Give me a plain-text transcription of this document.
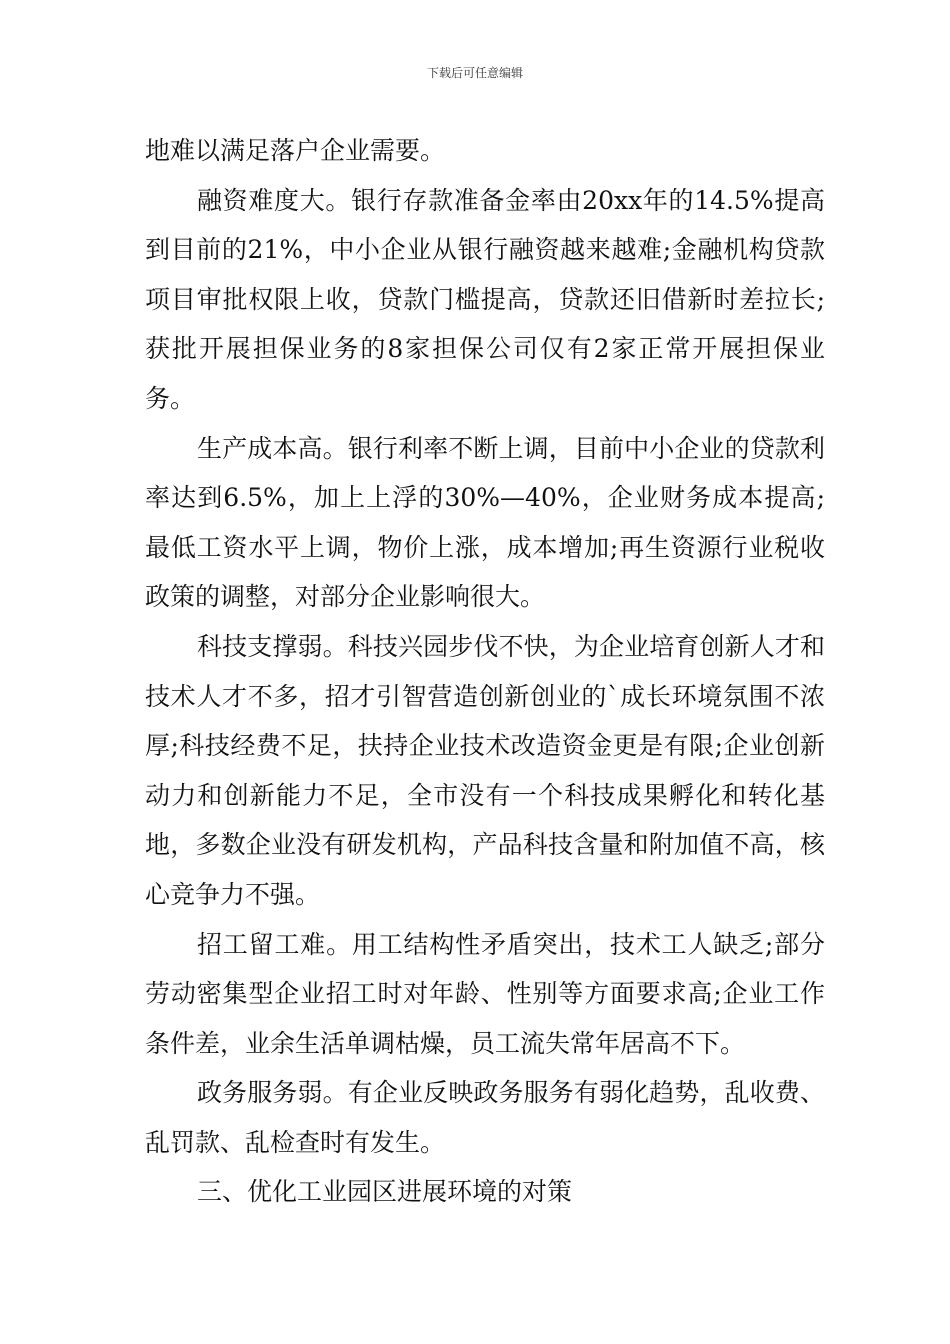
下载后可任意编辑

地难以满足落户企业需要。

融资难度大。银行存款准备金率由20xx年的14.5%提高到目前的21%，中小企业从银行融资越来越难;金融机构贷款项目审批权限上收，贷款门槛提高，贷款还旧借新时差拉长;获批开展担保业务的8家担保公司仅有2家正常开展担保业务。

生产成本高。银行利率不断上调，目前中小企业的贷款利率达到6.5%，加上上浮的30%—40%，企业财务成本提高;最低工资水平上调，物价上涨，成本增加;再生资源行业税收政策的调整，对部分企业影响很大。

科技支撑弱。科技兴园步伐不快，为企业培育创新人才和技术人才不多，招才引智营造创新创业的`成长环境氛围不浓厚;科技经费不足，扶持企业技术改造资金更是有限;企业创新动力和创新能力不足，全市没有一个科技成果孵化和转化基地，多数企业没有研发机构，产品科技含量和附加值不高，核心竞争力不强。

招工留工难。用工结构性矛盾突出，技术工人缺乏;部分劳动密集型企业招工时对年龄、性别等方面要求高;企业工作条件差，业余生活单调枯燥，员工流失常年居高不下。

政务服务弱。有企业反映政务服务有弱化趋势，乱收费、乱罚款、乱检查时有发生。

三、优化工业园区进展环境的对策
